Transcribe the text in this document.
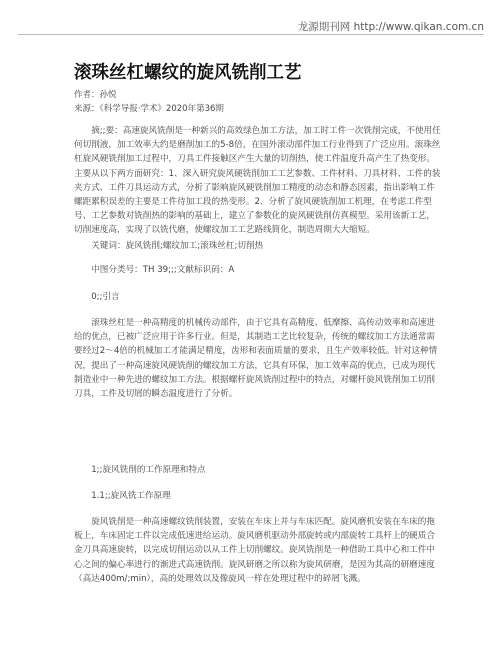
龙源期刊网 http://www.qikan.com.cn
滚珠丝杠螺纹的旋风铣削工艺
作者：孙悦
来源：《科学导报·学术》2020年第36期

摘;;要：高速旋风铣削是一种新兴的高效绿色加工方法，加工时工件一次铣削完成，不使用任何切削液，加工效率大约是磨削加工的5-8倍，在国外滚动部件加工行业得到了广泛应用。滚珠丝杠旋风硬铣削加工过程中，刀具工件接触区产生大量的切削热，使工件温度升高产生了热变形。主要从以下两方面研究：1、深入研究旋风硬铣削加工工艺参数、工件材料、刀具材料、工件的装夹方式、工件刀具运动方式，分析了影响旋风硬铣削加工精度的动态和静态因素，指出影响工件螺距累积误差的主要是工件待加工段的热变形。2、分析了旋风硬铣削加工机理，在考虑工件型号、工艺参数对铣削热的影响的基础上，建立了参数化的旋风硬铣削仿真模型。采用该新工艺，切削速度高，实现了以铣代磨，使螺纹加工工艺路线简化，制造周期大大缩短。

关键词：旋风铣削;螺纹加工;滚珠丝杠;切削热

中图分类号：TH 39;;;文献标识码：A

0;;引言

滚珠丝杠是一种高精度的机械传动部件，由于它具有高精度、低摩擦、高传动效率和高速进给的优点，已被广泛应用于许多行业。但是，其制造工艺比较复杂，传统的螺纹加工方法通常需要经过2～4倍的机械加工才能满足精度，齿形和表面质量的要求，且生产效率较低。针对这种情况，提出了一种高速旋风硬铣削的螺纹加工方法，它具有环保，加工效率高的优点，已成为现代制造业中一种先进的螺纹加工方法。根据螺杆旋风铣削过程中的特点，对螺杆旋风铣削加工切削刀具，工件及切屑的瞬态温度进行了分析。

1;;旋风铣削的工作原理和特点

1.1;;旋风铣工作原理

旋风铣削是一种高速螺纹铣削装置，安装在车床上并与车床匹配。旋风磨机安装在车床的拖板上，车床固定工件以完成低速进给运动。旋风磨机驱动外部旋转或内部旋转工具杆上的硬质合金刀具高速旋转，以完成切削运动以从工件上切削螺纹。旋风铣削是一种借助工具中心和工件中心之间的偏心率进行的渐进式高速铣削。旋风研磨之所以称为旋风研磨，是因为其高的研磨速度（高达400m/;min），高的处理效以及像旋风一样在处理过程中的碎屑飞溅。
